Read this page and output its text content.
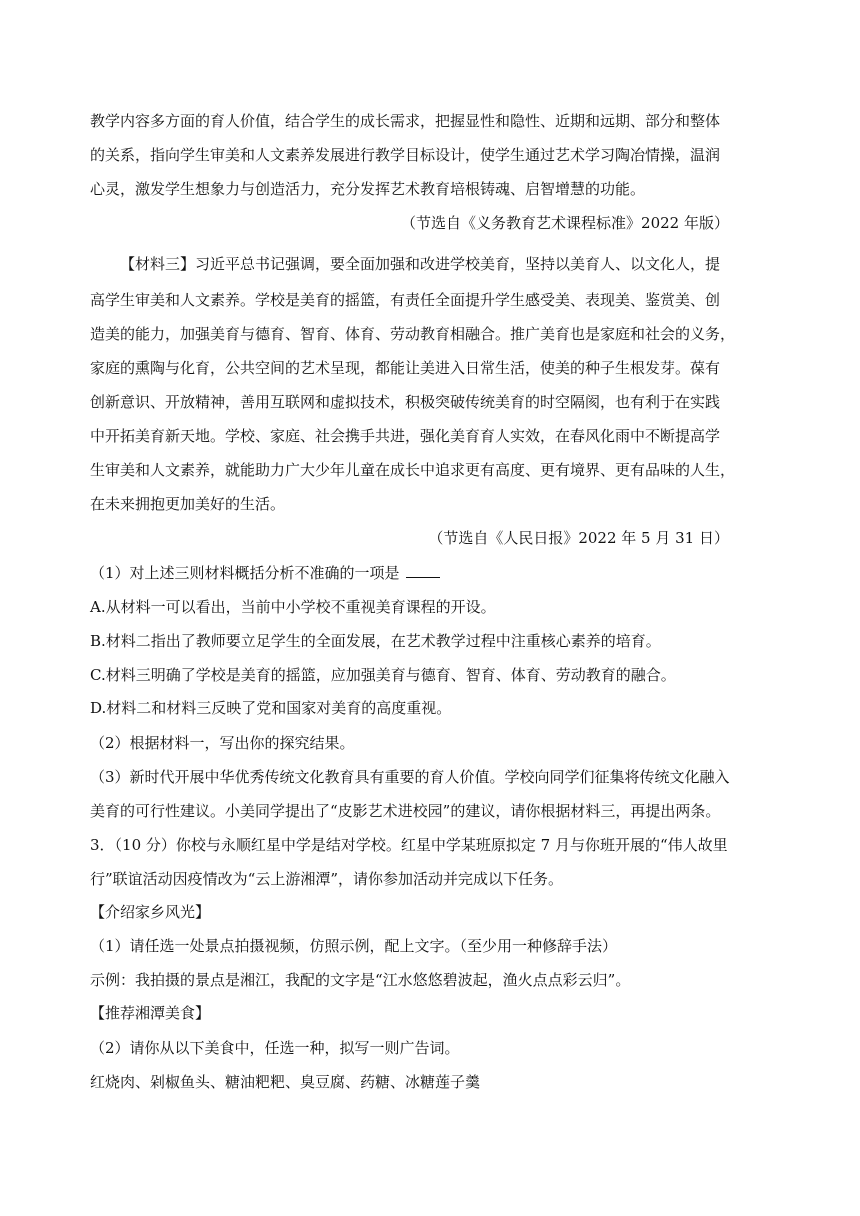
教学内容多方面的育人价值，结合学生的成长需求，把握显性和隐性、近期和远期、部分和整体
的关系，指向学生审美和人文素养发展进行教学目标设计，使学生通过艺术学习陶冶情操，温润
心灵，激发学生想象力与创造活力，充分发挥艺术教育培根铸魂、启智增慧的功能。
（节选自《义务教育艺术课程标准》2022 年版）
【材料三】习近平总书记强调，要全面加强和改进学校美育，坚持以美育人、以文化人，提
高学生审美和人文素养。学校是美育的摇篮，有责任全面提升学生感受美、表现美、鉴赏美、创
造美的能力，加强美育与德育、智育、体育、劳动教育相融合。推广美育也是家庭和社会的义务，
家庭的熏陶与化育，公共空间的艺术呈现，都能让美进入日常生活，使美的种子生根发芽。葆有
创新意识、开放精神，善用互联网和虚拟技术，积极突破传统美育的时空隔阂，也有利于在实践
中开拓美育新天地。学校、家庭、社会携手共进，强化美育育人实效，在春风化雨中不断提高学
生审美和人文素养，就能助力广大少年儿童在成长中追求更有高度、更有境界、更有品味的人生，
在未来拥抱更加美好的生活。
（节选自《人民日报》2022 年 5 月 31 日）
（1）对上述三则材料概括分析不准确的一项是
A.从材料一可以看出，当前中小学校不重视美育课程的开设。
B.材料二指出了教师要立足学生的全面发展，在艺术教学过程中注重核心素养的培育。
C.材料三明确了学校是美育的摇篮，应加强美育与德育、智育、体育、劳动教育的融合。
D.材料二和材料三反映了党和国家对美育的高度重视。
（2）根据材料一，写出你的探究结果。
（3）新时代开展中华优秀传统文化教育具有重要的育人价值。学校向同学们征集将传统文化融入
美育的可行性建议。小美同学提出了“皮影艺术进校园”的建议，请你根据材料三，再提出两条。
3．（10 分）你校与永顺红星中学是结对学校。红星中学某班原拟定 7 月与你班开展的“伟人故里
行”联谊活动因疫情改为“云上游湘潭”，请你参加活动并完成以下任务。
【介绍家乡风光】
（1）请任选一处景点拍摄视频，仿照示例，配上文字。（至少用一种修辞手法）
示例：我拍摄的景点是湘江，我配的文字是“江水悠悠碧波起，渔火点点彩云归”。
【推荐湘潭美食】
（2）请你从以下美食中，任选一种，拟写一则广告词。
红烧肉、剁椒鱼头、糖油粑粑、臭豆腐、药糖、冰糖莲子羹
